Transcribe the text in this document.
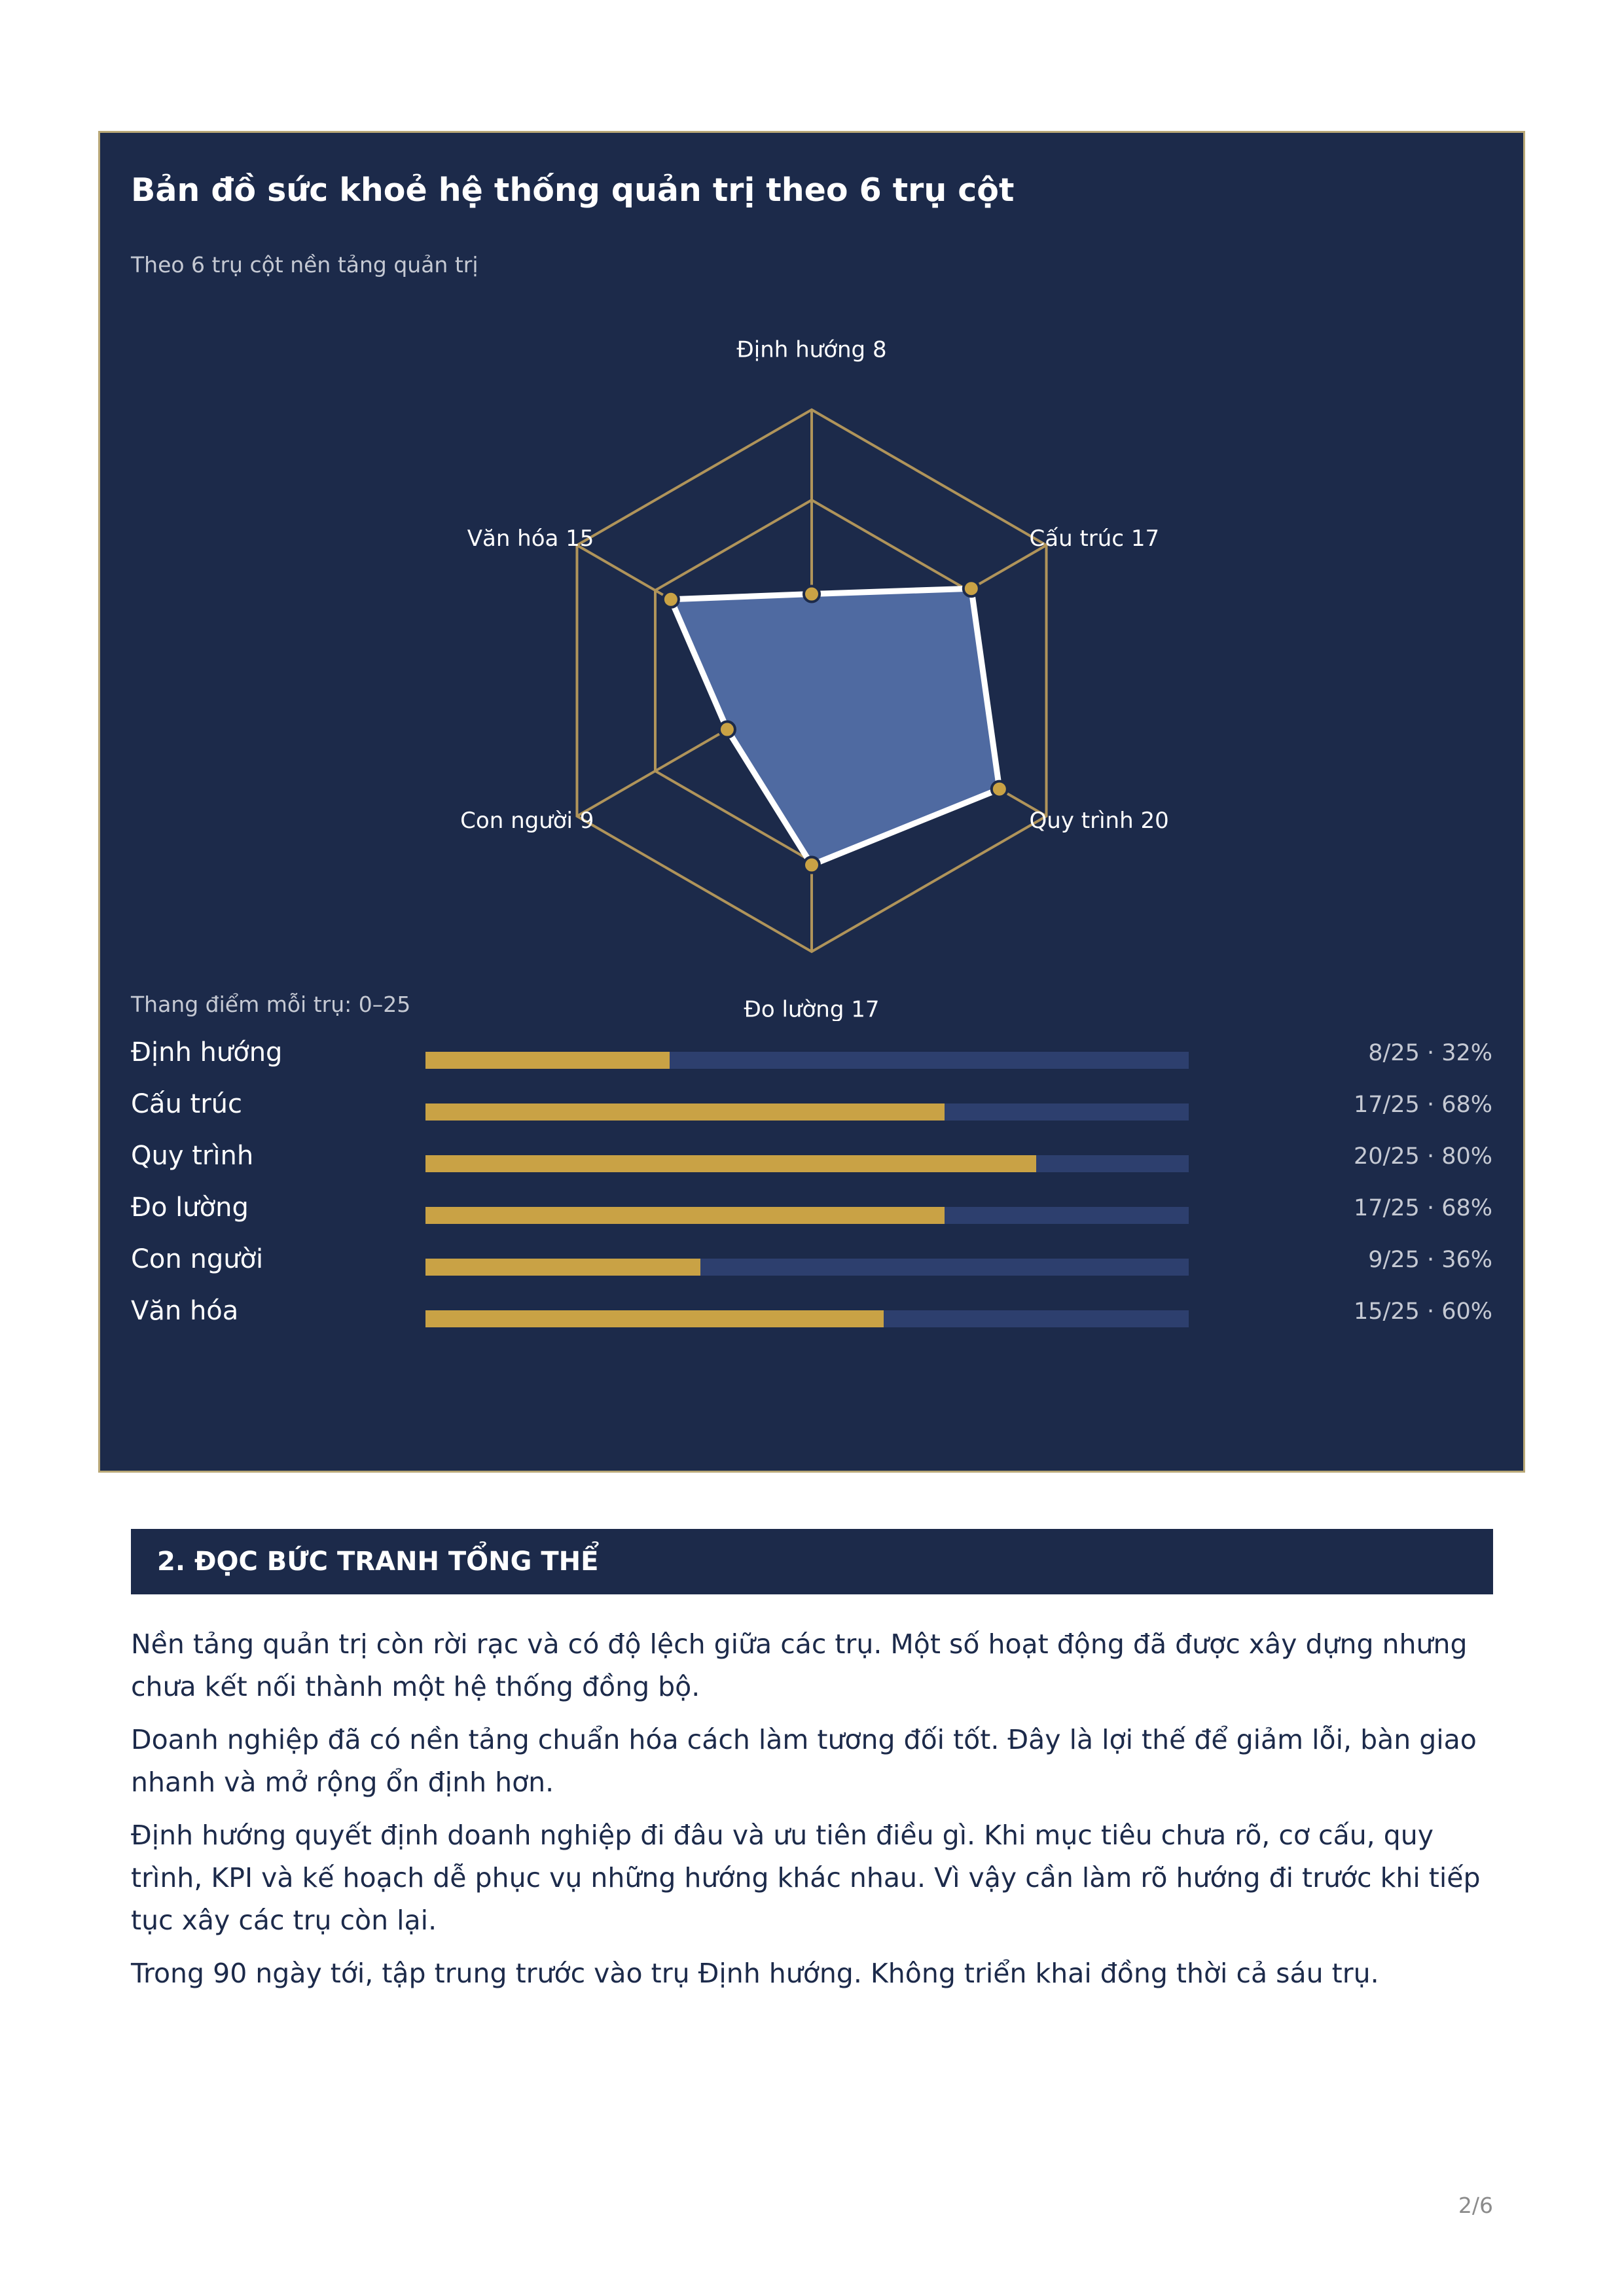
Bản đồ sức khoẻ hệ thống quản trị theo 6 trụ cột
Theo 6 trụ cột nền tảng quản trị
Định hướng 8
Cấu trúc 17
Quy trình 20
Đo lường 17
Con người 9
Văn hóa 15
Thang điểm mỗi trụ: 0–25
Định hướng	8/25 · 32%
Cấu trúc	17/25 · 68%
Quy trình	20/25 · 80%
Đo lường	17/25 · 68%
Con người	9/25 · 36%
Văn hóa	15/25 · 60%
2. ĐỌC BỨC TRANH TỔNG THỂ

Nền tảng quản trị còn rời rạc và có độ lệch giữa các trụ. Một số hoạt động đã được xây dựng nhưng chưa kết nối thành một hệ thống đồng bộ.

Doanh nghiệp đã có nền tảng chuẩn hóa cách làm tương đối tốt. Đây là lợi thế để giảm lỗi, bàn giao nhanh và mở rộng ổn định hơn.

Định hướng quyết định doanh nghiệp đi đâu và ưu tiên điều gì. Khi mục tiêu chưa rõ, cơ cấu, quy trình, KPI và kế hoạch dễ phục vụ những hướng khác nhau. Vì vậy cần làm rõ hướng đi trước khi tiếp tục xây các trụ còn lại.

Trong 90 ngày tới, tập trung trước vào trụ Định hướng. Không triển khai đồng thời cả sáu trụ.

2/6
